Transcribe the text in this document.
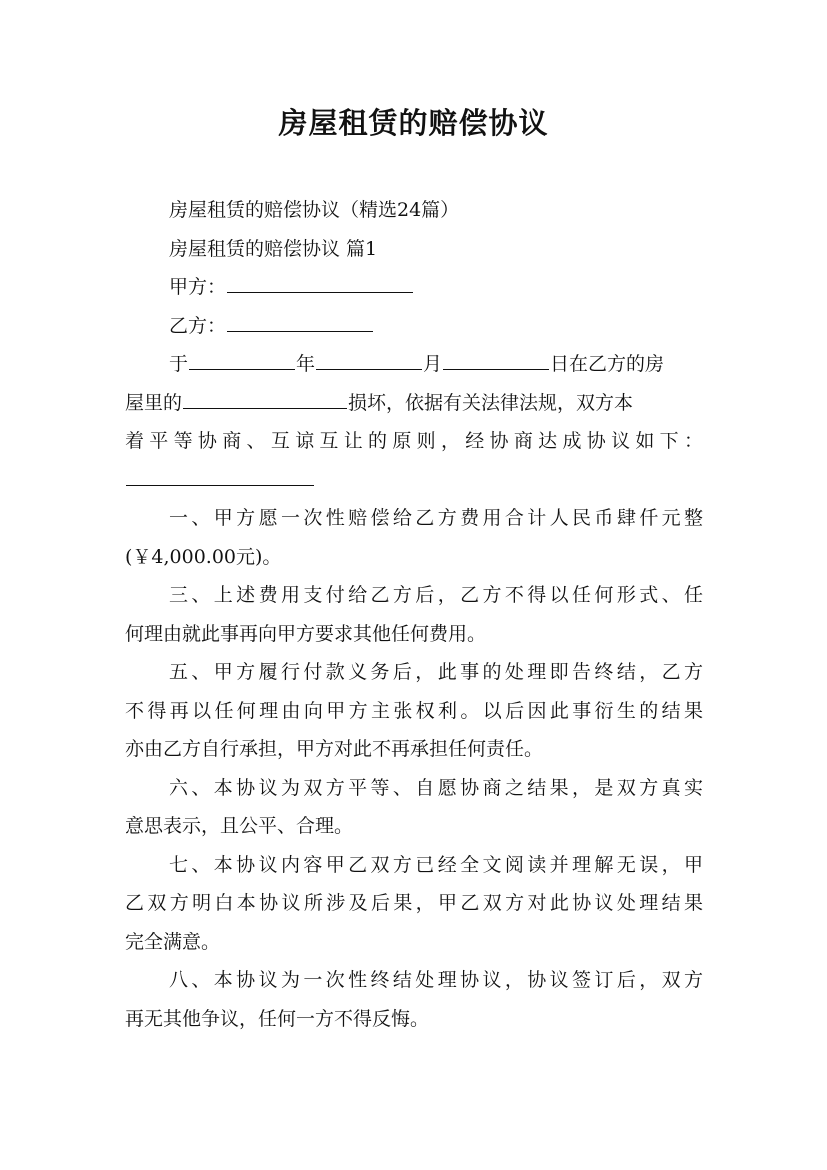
房屋租赁的赔偿协议
房屋租赁的赔偿协议（精选24篇）
房屋租赁的赔偿协议 篇1
甲方：
乙方：
于	年	月	日在乙方的房
屋里的	损坏，依据有关法律法规，双方本
着平等协商、互谅互让的原则，经协商达成协议如下：
一、甲方愿一次性赔偿给乙方费用合计人民币肆仟元整
(￥4,000.00元)。
三、上述费用支付给乙方后，乙方不得以任何形式、任
何理由就此事再向甲方要求其他任何费用。
五、甲方履行付款义务后，此事的处理即告终结，乙方
不得再以任何理由向甲方主张权利。以后因此事衍生的结果
亦由乙方自行承担，甲方对此不再承担任何责任。
六、本协议为双方平等、自愿协商之结果，是双方真实
意思表示，且公平、合理。
七、本协议内容甲乙双方已经全文阅读并理解无误，甲
乙双方明白本协议所涉及后果，甲乙双方对此协议处理结果
完全满意。
八、本协议为一次性终结处理协议，协议签订后，双方
再无其他争议，任何一方不得反悔。
